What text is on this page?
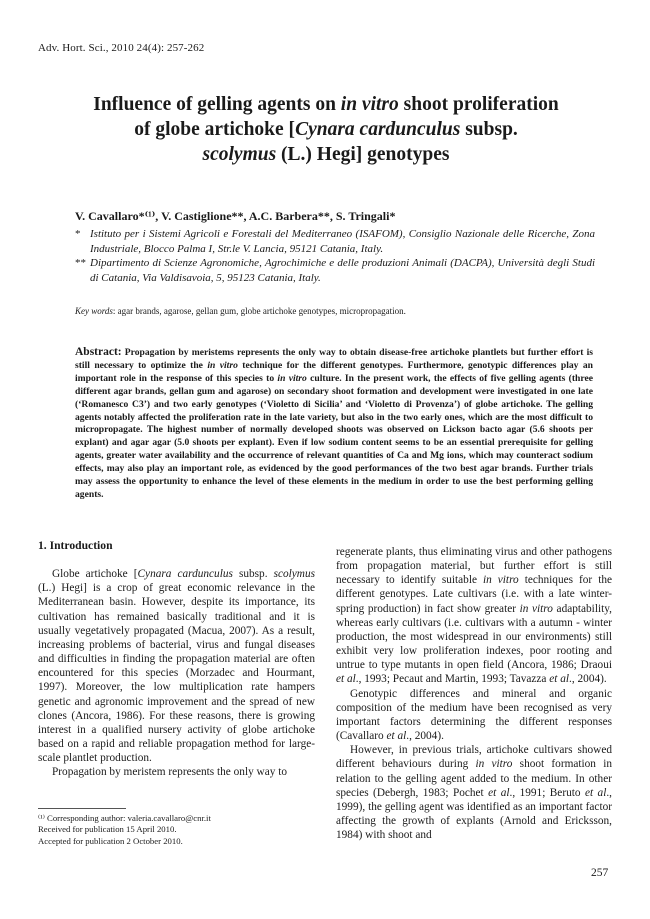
Adv. Hort. Sci., 2010 24(4): 257-262
Influence of gelling agents on in vitro shoot proliferation
of globe artichoke [Cynara cardunculus subsp.
scolymus (L.) Hegi] genotypes
V. Cavallaro*⁽¹⁾, V. Castiglione**, A.C. Barbera**, S. Tringali*
* Istituto per i Sistemi Agricoli e Forestali del Mediterraneo (ISAFOM), Consiglio Nazionale delle Ricerche, Zona Industriale, Blocco Palma I, Str.le V. Lancia, 95121 Catania, Italy.
** Dipartimento di Scienze Agronomiche, Agrochimiche e delle produzioni Animali (DACPA), Università degli Studi di Catania, Via Valdisavoia, 5, 95123 Catania, Italy.
Key words: agar brands, agarose, gellan gum, globe artichoke genotypes, micropropagation.
Abstract: Propagation by meristems represents the only way to obtain disease-free artichoke plantlets but further effort is still necessary to optimize the in vitro technique for the different genotypes. Furthermore, genotypic differences play an important role in the response of this species to in vitro culture. In the present work, the effects of five gelling agents (three different agar brands, gellan gum and agarose) on secondary shoot formation and development were investigated in one late (‘Romanesco C3’) and two early genotypes (‘Violetto di Sicilia’ and ‘Violetto di Provenza’) of globe artichoke. The gelling agents notably affected the proliferation rate in the late variety, but also in the two early ones, which are the most difficult to micropropagate. The highest number of normally developed shoots was observed on Lickson bacto agar (5.6 shoots per explant) and agar agar (5.0 shoots per explant). Even if low sodium content seems to be an essential prerequisite for gelling agents, greater water availability and the occurrence of relevant quantities of Ca and Mg ions, which may counteract sodium effects, may also play an important role, as evidenced by the good performances of the two best agar brands. Further trials may assess the opportunity to enhance the level of these elements in the medium in order to use the best performing gelling agents.
1. Introduction

Globe artichoke [Cynara cardunculus subsp. scolymus (L.) Hegi] is a crop of great economic relevance in the Mediterranean basin. However, despite its importance, its cultivation has remained basically traditional and it is usually vegetatively propagated (Macua, 2007). As a result, increasing problems of bacterial, virus and fungal diseases and difficulties in finding the propagation material are often encountered for this species (Morzadec and Hourmant, 1997). Moreover, the low multiplication rate hampers genetic and agronomic improvement and the spread of new clones (Ancora, 1986). For these reasons, there is growing interest in a qualified nursery activity of globe artichoke based on a rapid and reliable propagation method for large-scale plantlet production.

Propagation by meristem represents the only way to

regenerate plants, thus eliminating virus and other pathogens from propagation material, but further effort is still necessary to identify suitable in vitro techniques for the different genotypes. Late cultivars (i.e. with a late winter-spring production) in fact show greater in vitro adaptability, whereas early cultivars (i.e. cultivars with a autumn - winter production, the most widespread in our environments) still exhibit very low proliferation indexes, poor rooting and untrue to type mutants in open field (Ancora, 1986; Draoui et al., 1993; Pecaut and Martin, 1993; Tavazza et al., 2004).

Genotypic differences and mineral and organic composition of the medium have been recognised as very important factors determining the different responses (Cavallaro et al., 2004).

However, in previous trials, artichoke cultivars showed different behaviours during in vitro shoot formation in relation to the gelling agent added to the medium. In other species (Debergh, 1983; Pochet et al., 1991; Beruto et al., 1999), the gelling agent was identified as an important factor affecting the growth of explants (Arnold and Ericksson, 1984) with shoot and

⁽¹⁾ Corresponding author: valeria.cavallaro@cnr.it
Received for publication 15 April 2010.
Accepted for publication 2 October 2010.
257
